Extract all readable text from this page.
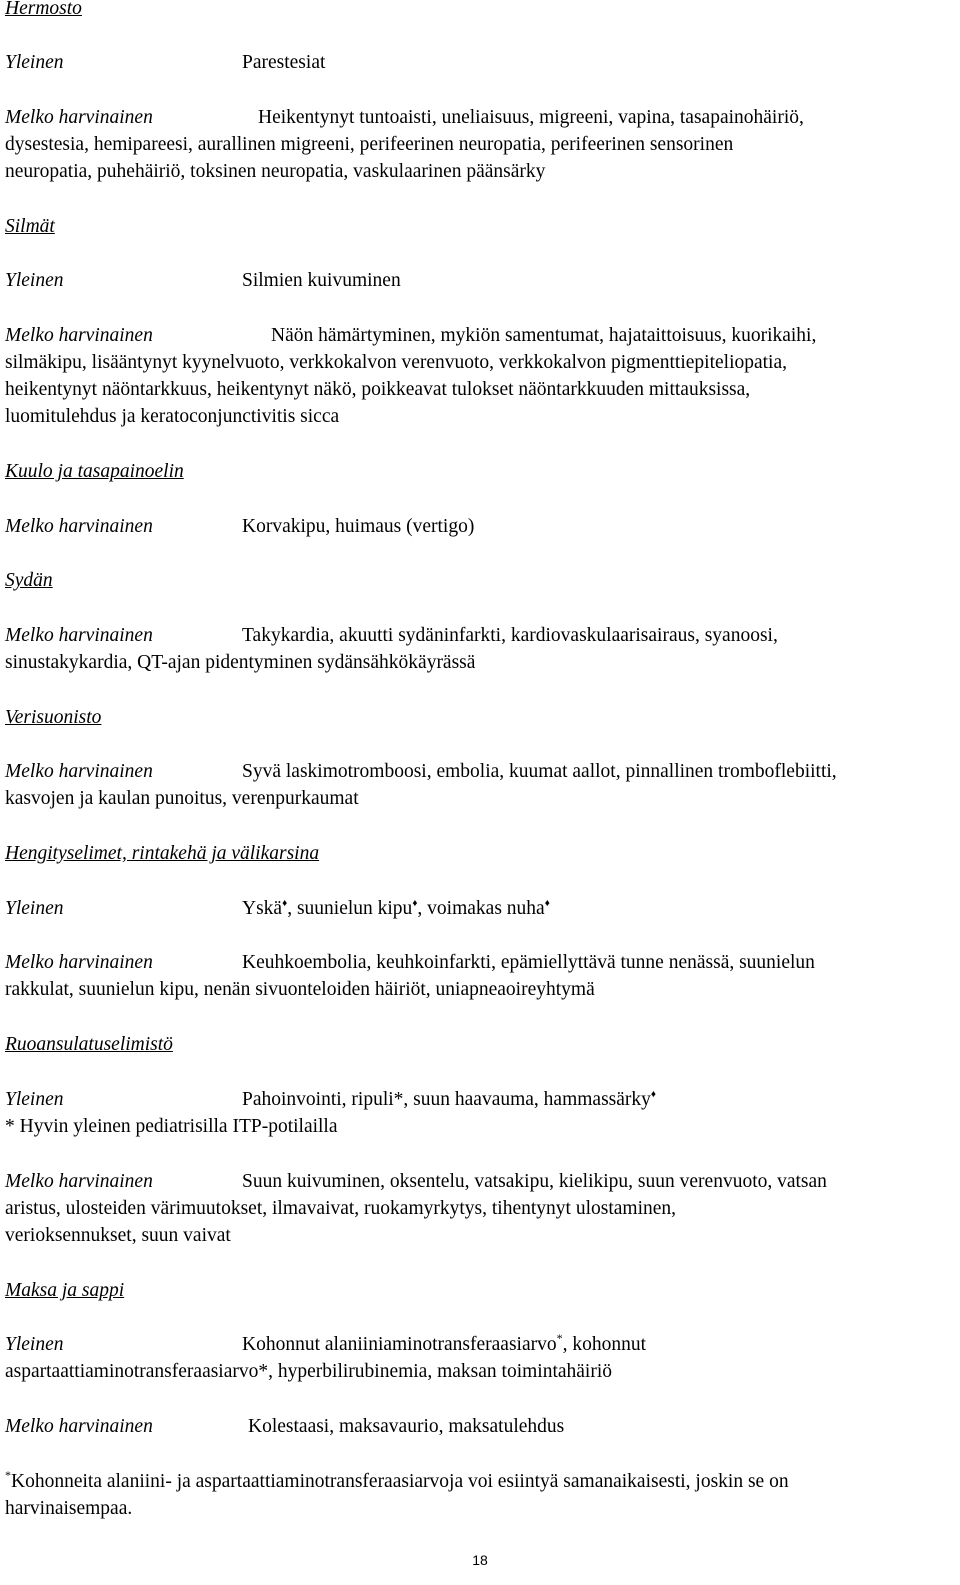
Hermosto
Yleinen	Parestesiat
Melko harvinainen	Heikentynyt tuntoaisti, uneliaisuus, migreeni, vapina, tasapainohäiriö,
dysestesia, hemipareesi, aurallinen migreeni, perifeerinen neuropatia, perifeerinen sensorinen
neuropatia, puhehäiriö, toksinen neuropatia, vaskulaarinen päänsärky
Silmät
Yleinen	Silmien kuivuminen
Melko harvinainen	Näön hämärtyminen, mykiön samentumat, hajataittoisuus, kuorikaihi,
silmäkipu, lisääntynyt kyynelvuoto, verkkokalvon verenvuoto, verkkokalvon pigmenttiepiteliopatia,
heikentynyt näöntarkkuus, heikentynyt näkö, poikkeavat tulokset näöntarkkuuden mittauksissa,
luomitulehdus ja keratoconjunctivitis sicca
Kuulo ja tasapainoelin
Melko harvinainen	Korvakipu, huimaus (vertigo)
Sydän
Melko harvinainen	Takykardia, akuutti sydäninfarkti, kardiovaskulaarisairaus, syanoosi,
sinustakykardia, QT-ajan pidentyminen sydänsähkökäyrässä
Verisuonisto
Melko harvinainen	Syvä laskimotromboosi, embolia, kuumat aallot, pinnallinen tromboflebiitti,
kasvojen ja kaulan punoitus, verenpurkaumat
Hengityselimet, rintakehä ja välikarsina
Yleinen	Yskä♦, suunielun kipu♦, voimakas nuha♦
Melko harvinainen	Keuhkoembolia, keuhkoinfarkti, epämiellyttävä tunne nenässä, suunielun
rakkulat, suunielun kipu, nenän sivuonteloiden häiriöt, uniapneaoireyhtymä
Ruoansulatuselimistö
Yleinen	Pahoinvointi, ripuli*, suun haavauma, hammassärky♦
* Hyvin yleinen pediatrisilla ITP-potilailla
Melko harvinainen	Suun kuivuminen, oksentelu, vatsakipu, kielikipu, suun verenvuoto, vatsan
aristus, ulosteiden värimuutokset, ilmavaivat, ruokamyrkytys, tihentynyt ulostaminen,
verioksennukset, suun vaivat
Maksa ja sappi
Yleinen	Kohonnut alaniiniaminotransferaasiarvo*, kohonnut
aspartaattiaminotransferaasiarvo*, hyperbilirubinemia, maksan toimintahäiriö
Melko harvinainen	Kolestaasi, maksavaurio, maksatulehdus
*Kohonneita alaniini- ja aspartaattiaminotransferaasiarvoja voi esiintyä samanaikaisesti, joskin se on
harvinaisempaa.
18
